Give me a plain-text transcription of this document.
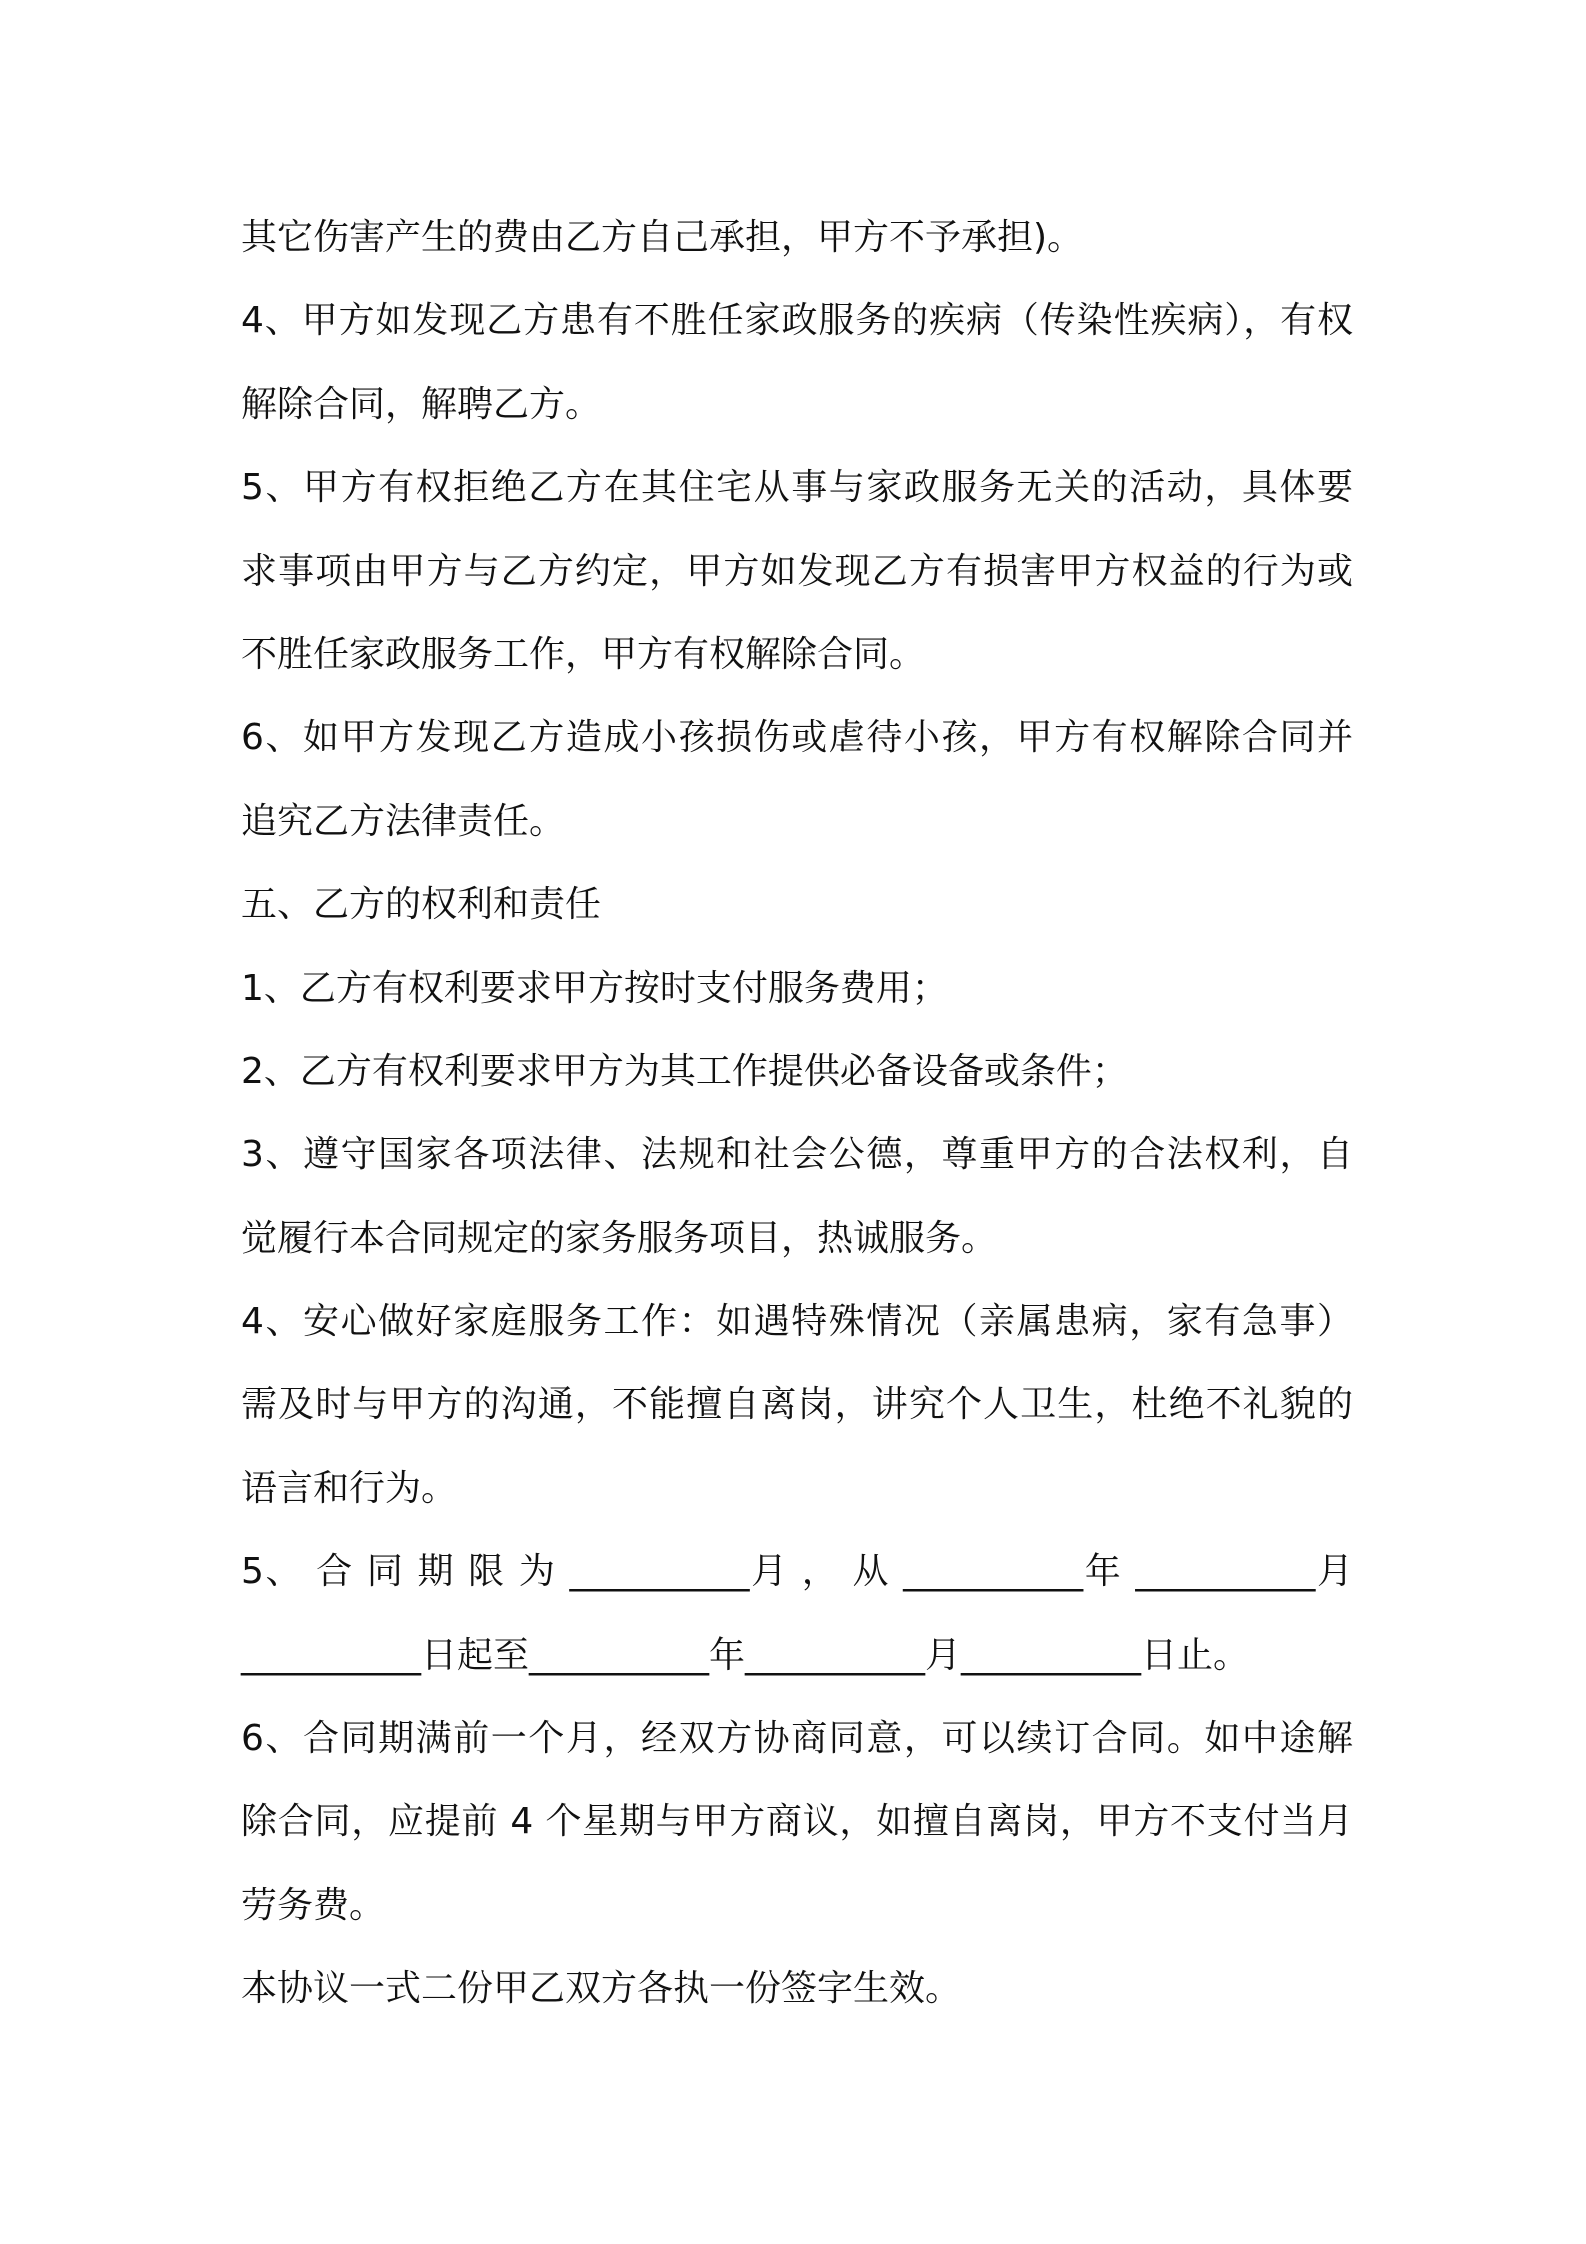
其它伤害产生的费由乙方自己承担，甲方不予承担)。
4、甲方如发现乙方患有不胜任家政服务的疾病（传染性疾病），有权
解除合同，解聘乙方。
5、甲方有权拒绝乙方在其住宅从事与家政服务无关的活动，具体要
求事项由甲方与乙方约定，甲方如发现乙方有损害甲方权益的行为或
不胜任家政服务工作，甲方有权解除合同。
6、如甲方发现乙方造成小孩损伤或虐待小孩，甲方有权解除合同并
追究乙方法律责任。
五、乙方的权利和责任
1、乙方有权利要求甲方按时支付服务费用；
2、乙方有权利要求甲方为其工作提供必备设备或条件；
3、遵守国家各项法律、法规和社会公德，尊重甲方的合法权利，自
觉履行本合同规定的家务服务项目，热诚服务。
4、安心做好家庭服务工作：如遇特殊情况（亲属患病，家有急事）
需及时与甲方的沟通，不能擅自离岗，讲究个人卫生，杜绝不礼貌的
语言和行为。
5、 合 同 期 限 为 __________月 ， 从 __________年 __________月
__________日起至__________年__________月__________日止。
6、合同期满前一个月，经双方协商同意，可以续订合同。如中途解
除合同，应提前 4 个星期与甲方商议，如擅自离岗，甲方不支付当月
劳务费。
本协议一式二份甲乙双方各执一份签字生效。
